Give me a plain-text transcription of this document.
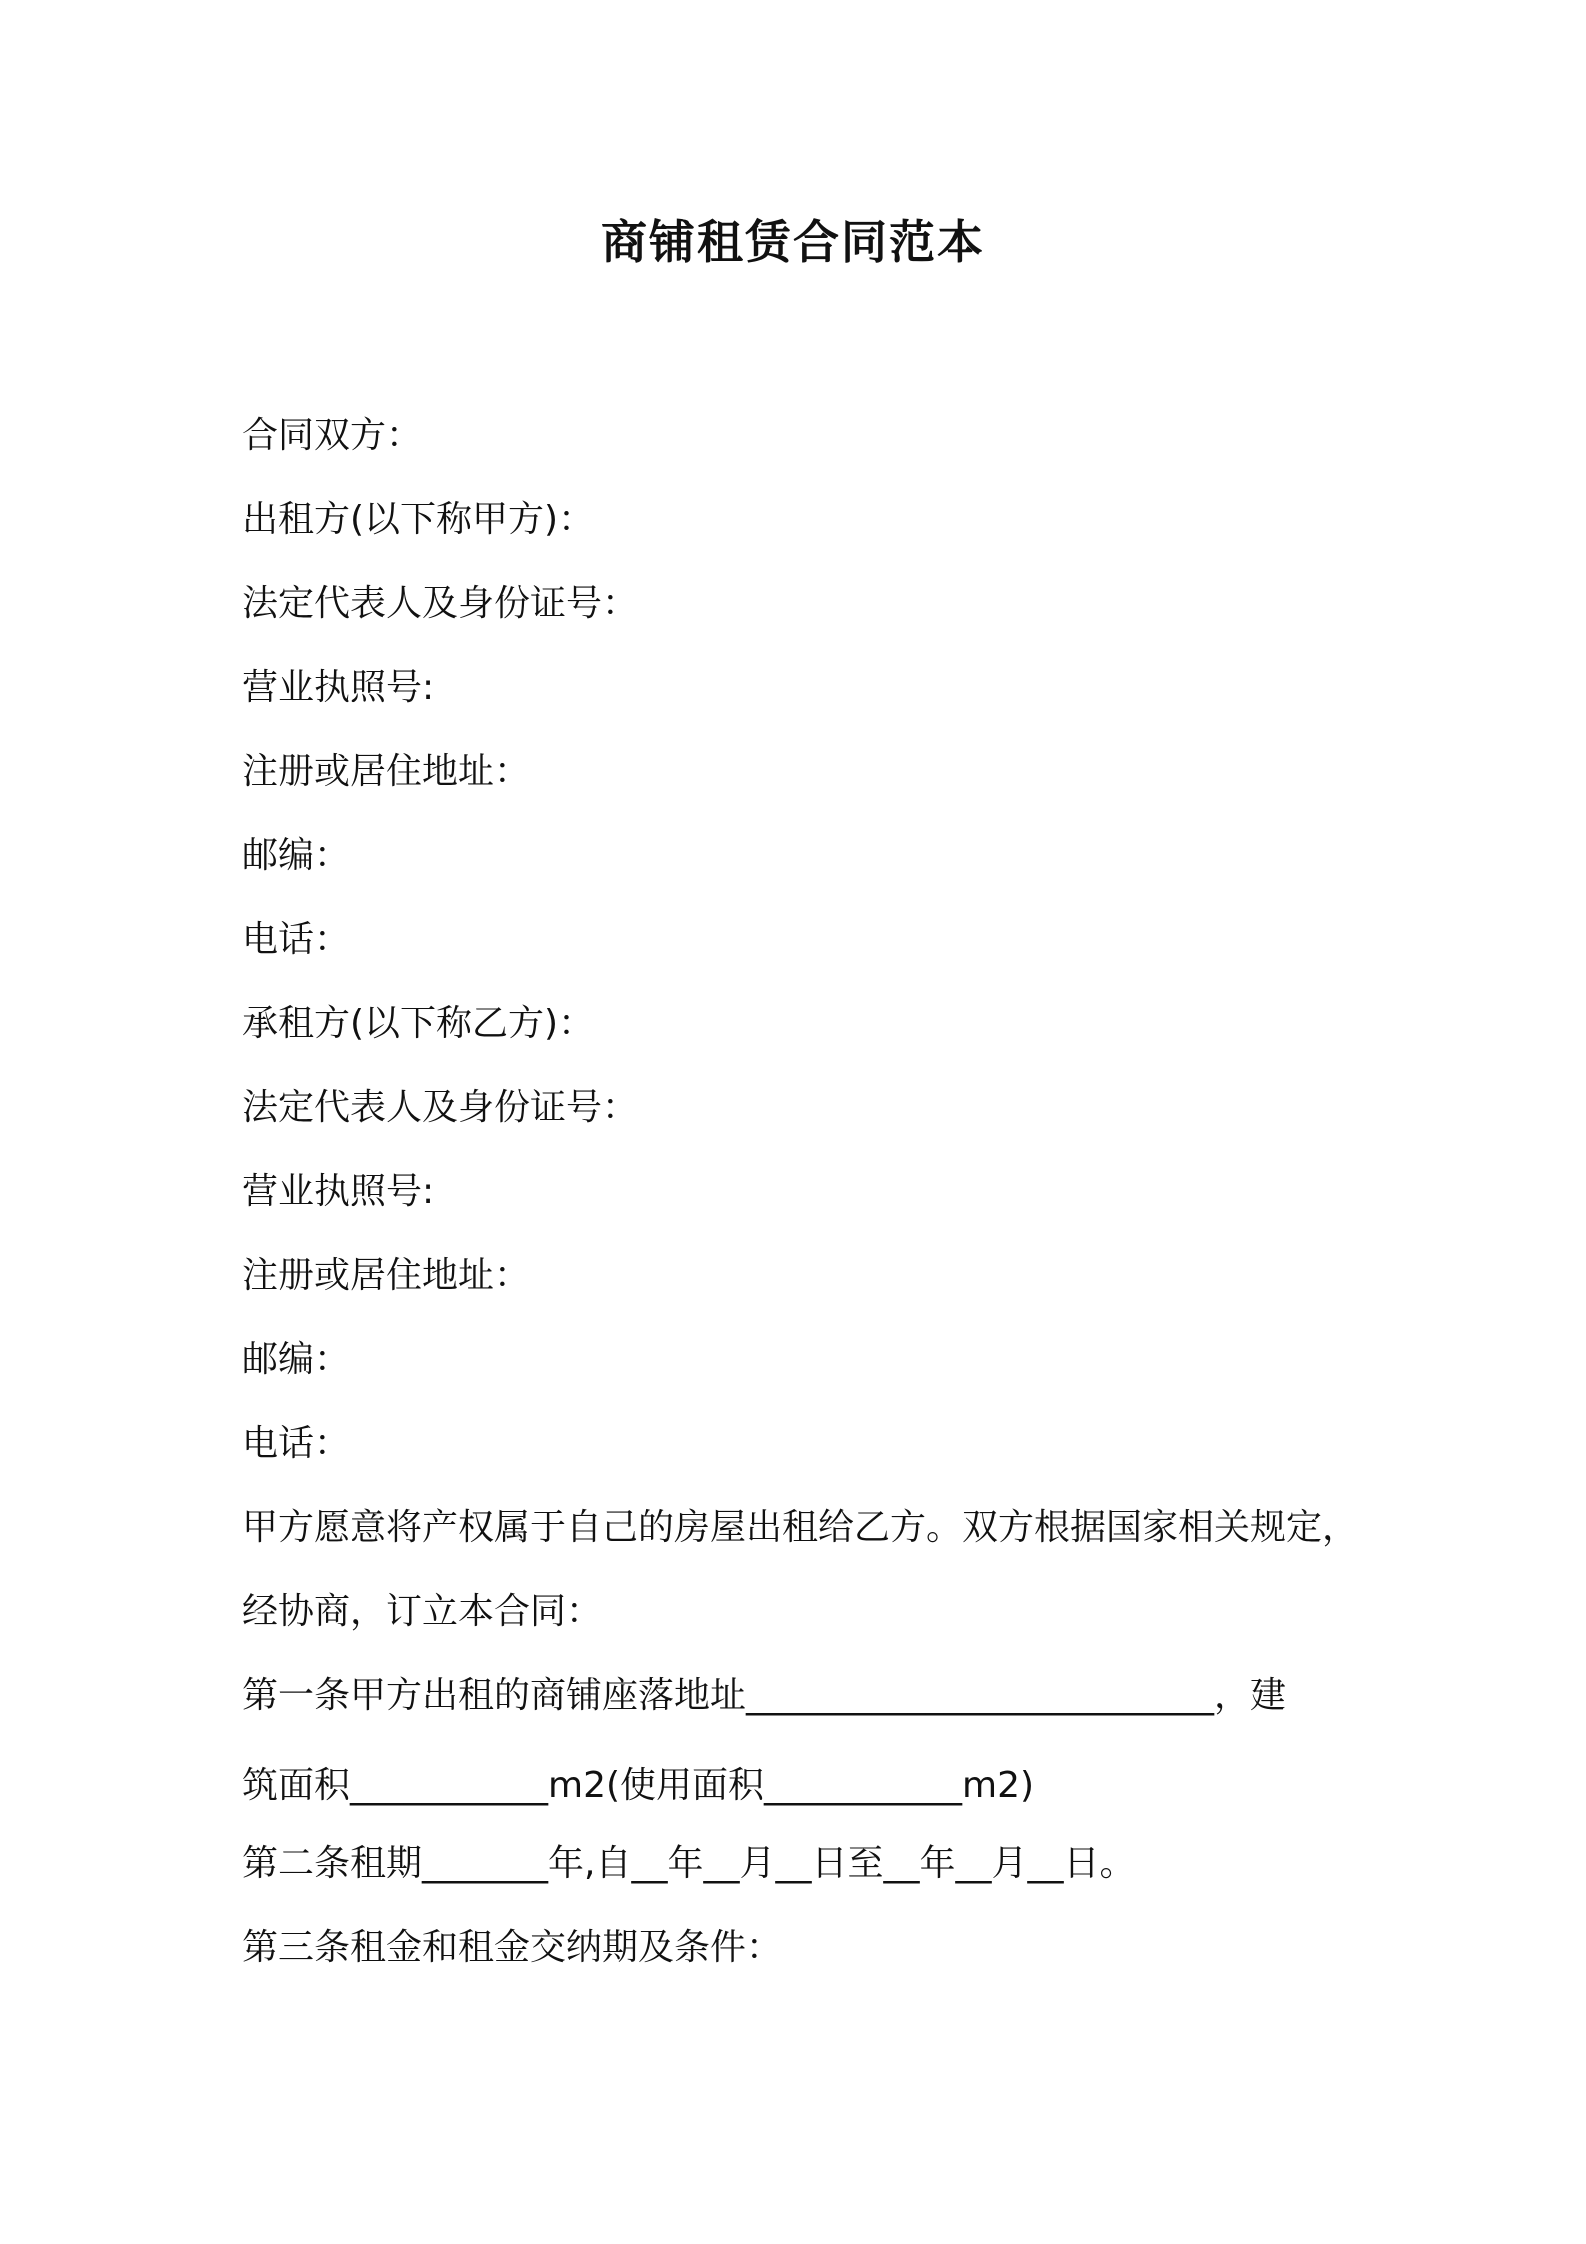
商铺租赁合同范本
合同双方：
出租方(以下称甲方)：
法定代表人及身份证号：
营业执照号:
注册或居住地址：
邮编：
电话：
承租方(以下称乙方)：
法定代表人及身份证号：
营业执照号:
注册或居住地址：
邮编：
电话：
甲方愿意将产权属于自己的房屋出租给乙方。双方根据国家相关规定，
经协商，订立本合同：
第一条甲方出租的商铺座落地址__________________________，建
筑面积___________m2(使用面积___________m2)
第二条租期_______年,自__年__月__日至__年__月__日。
第三条租金和租金交纳期及条件：
